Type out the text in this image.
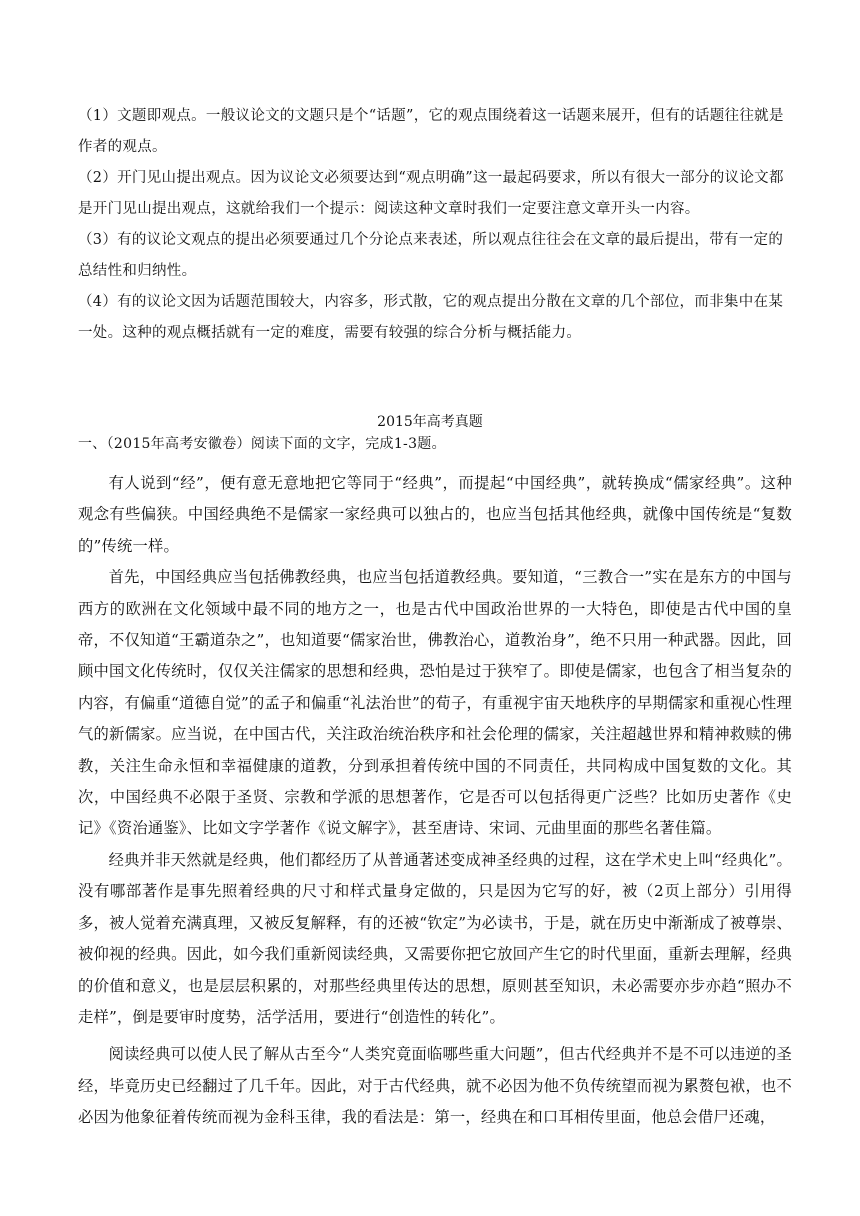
（1）文题即观点。一般议论文的文题只是个“话题”，它的观点围绕着这一话题来展开，但有的话题往往就是作者的观点。

（2）开门见山提出观点。因为议论文必须要达到“观点明确”这一最起码要求，所以有很大一部分的议论文都是开门见山提出观点，这就给我们一个提示：阅读这种文章时我们一定要注意文章开头一内容。

（3）有的议论文观点的提出必须要通过几个分论点来表述，所以观点往往会在文章的最后提出，带有一定的总结性和归纳性。

（4）有的议论文因为话题范围较大，内容多，形式散，它的观点提出分散在文章的几个部位，而非集中在某一处。这种的观点概括就有一定的难度，需要有较强的综合分析与概括能力。

2015年高考真题
一、（2015年高考安徽卷）阅读下面的文字，完成1-3题。

有人说到“经”，便有意无意地把它等同于“经典”，而提起“中国经典”，就转换成“儒家经典”。这种观念有些偏狭。中国经典绝不是儒家一家经典可以独占的，也应当包括其他经典，就像中国传统是“复数的”传统一样。

首先，中国经典应当包括佛教经典，也应当包括道教经典。要知道，“三教合一”实在是东方的中国与西方的欧洲在文化领域中最不同的地方之一，也是古代中国政治世界的一大特色，即使是古代中国的皇帝，不仅知道“王霸道杂之”，也知道要“儒家治世，佛教治心，道教治身”，绝不只用一种武器。因此，回顾中国文化传统时，仅仅关注儒家的思想和经典，恐怕是过于狭窄了。即使是儒家，也包含了相当复杂的内容，有偏重“道德自觉”的孟子和偏重“礼法治世”的荀子，有重视宇宙天地秩序的早期儒家和重视心性理气的新儒家。应当说，在中国古代，关注政治统治秩序和社会伦理的儒家，关注超越世界和精神救赎的佛教，关注生命永恒和幸福健康的道教，分到承担着传统中国的不同责任，共同构成中国复数的文化。其次，中国经典不必限于圣贤、宗教和学派的思想著作，它是否可以包括得更广泛些？比如历史著作《史记》《资治通鉴》、比如文字学著作《说文解字》，甚至唐诗、宋词、元曲里面的那些名著佳篇。

经典并非天然就是经典，他们都经历了从普通著述变成神圣经典的过程，这在学术史上叫“经典化”。没有哪部著作是事先照着经典的尺寸和样式量身定做的，只是因为它写的好，被（2页上部分）引用得多，被人觉着充满真理，又被反复解释，有的还被“钦定”为必读书，于是，就在历史中渐渐成了被尊崇、被仰视的经典。因此，如今我们重新阅读经典，又需要你把它放回产生它的时代里面，重新去理解，经典的价值和意义，也是层层积累的，对那些经典里传达的思想，原则甚至知识，未必需要亦步亦趋“照办不走样”，倒是要审时度势，活学活用，要进行“创造性的转化”。

阅读经典可以使人民了解从古至今“人类究竟面临哪些重大问题”，但古代经典并不是不可以违逆的圣经，毕竟历史已经翻过了几千年。因此，对于古代经典，就不必因为他不负传统望而视为累赘包袱，也不必因为他象征着传统而视为金科玉律，我的看法是：第一，经典在和口耳相传里面，他总会借尸还魂，
